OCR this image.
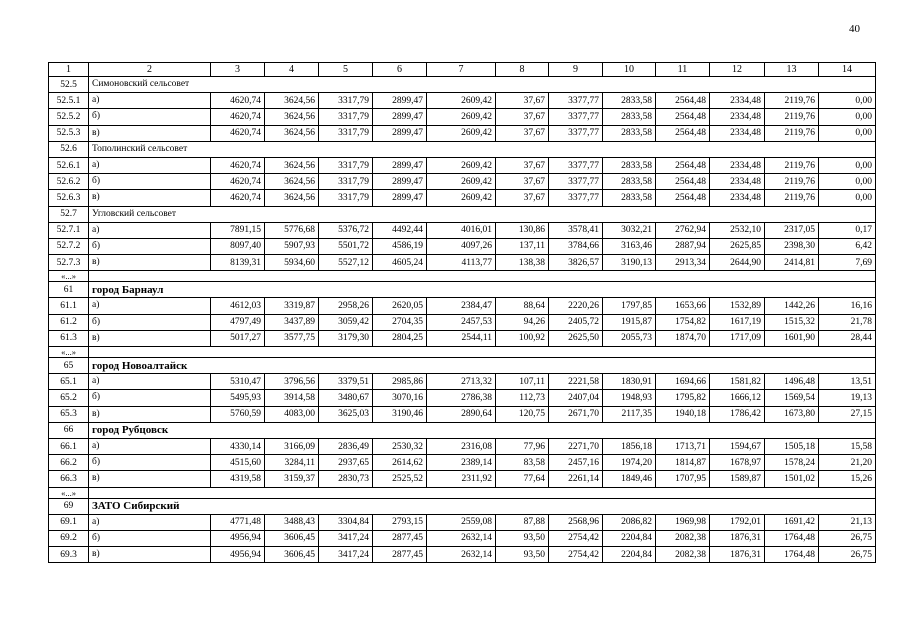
40
1	2	3	4	5	6	7	8	9	10	11	12	13	14
52.5	Симоновский сельсовет												
52.5.1	а)	4620,74	3624,56	3317,79	2899,47	2609,42	37,67	3377,77	2833,58	2564,48	2334,48	2119,76	0,00
52.5.2	б)	4620,74	3624,56	3317,79	2899,47	2609,42	37,67	3377,77	2833,58	2564,48	2334,48	2119,76	0,00
52.5.3	в)	4620,74	3624,56	3317,79	2899,47	2609,42	37,67	3377,77	2833,58	2564,48	2334,48	2119,76	0,00
52.6	Тополинский сельсовет												
52.6.1	а)	4620,74	3624,56	3317,79	2899,47	2609,42	37,67	3377,77	2833,58	2564,48	2334,48	2119,76	0,00
52.6.2	б)	4620,74	3624,56	3317,79	2899,47	2609,42	37,67	3377,77	2833,58	2564,48	2334,48	2119,76	0,00
52.6.3	в)	4620,74	3624,56	3317,79	2899,47	2609,42	37,67	3377,77	2833,58	2564,48	2334,48	2119,76	0,00
52.7	Угловский сельсовет												
52.7.1	а)	7891,15	5776,68	5376,72	4492,44	4016,01	130,86	3578,41	3032,21	2762,94	2532,10	2317,05	0,17
52.7.2	б)	8097,40	5907,93	5501,72	4586,19	4097,26	137,11	3784,66	3163,46	2887,94	2625,85	2398,30	6,42
52.7.3	в)	8139,31	5934,60	5527,12	4605,24	4113,77	138,38	3826,57	3190,13	2913,34	2644,90	2414,81	7,69
«...»													
61	город Барнаул												
61.1	а)	4612,03	3319,87	2958,26	2620,05	2384,47	88,64	2220,26	1797,85	1653,66	1532,89	1442,26	16,16
61.2	б)	4797,49	3437,89	3059,42	2704,35	2457,53	94,26	2405,72	1915,87	1754,82	1617,19	1515,32	21,78
61.3	в)	5017,27	3577,75	3179,30	2804,25	2544,11	100,92	2625,50	2055,73	1874,70	1717,09	1601,90	28,44
«...»													
65	город Новоалтайск												
65.1	а)	5310,47	3796,56	3379,51	2985,86	2713,32	107,11	2221,58	1830,91	1694,66	1581,82	1496,48	13,51
65.2	б)	5495,93	3914,58	3480,67	3070,16	2786,38	112,73	2407,04	1948,93	1795,82	1666,12	1569,54	19,13
65.3	в)	5760,59	4083,00	3625,03	3190,46	2890,64	120,75	2671,70	2117,35	1940,18	1786,42	1673,80	27,15
66	город Рубцовск												
66.1	а)	4330,14	3166,09	2836,49	2530,32	2316,08	77,96	2271,70	1856,18	1713,71	1594,67	1505,18	15,58
66.2	б)	4515,60	3284,11	2937,65	2614,62	2389,14	83,58	2457,16	1974,20	1814,87	1678,97	1578,24	21,20
66.3	в)	4319,58	3159,37	2830,73	2525,52	2311,92	77,64	2261,14	1849,46	1707,95	1589,87	1501,02	15,26
«...»													
69	ЗАТО Сибирский												
69.1	а)	4771,48	3488,43	3304,84	2793,15	2559,08	87,88	2568,96	2086,82	1969,98	1792,01	1691,42	21,13
69.2	б)	4956,94	3606,45	3417,24	2877,45	2632,14	93,50	2754,42	2204,84	2082,38	1876,31	1764,48	26,75
69.3	в)	4956,94	3606,45	3417,24	2877,45	2632,14	93,50	2754,42	2204,84	2082,38	1876,31	1764,48	26,75
